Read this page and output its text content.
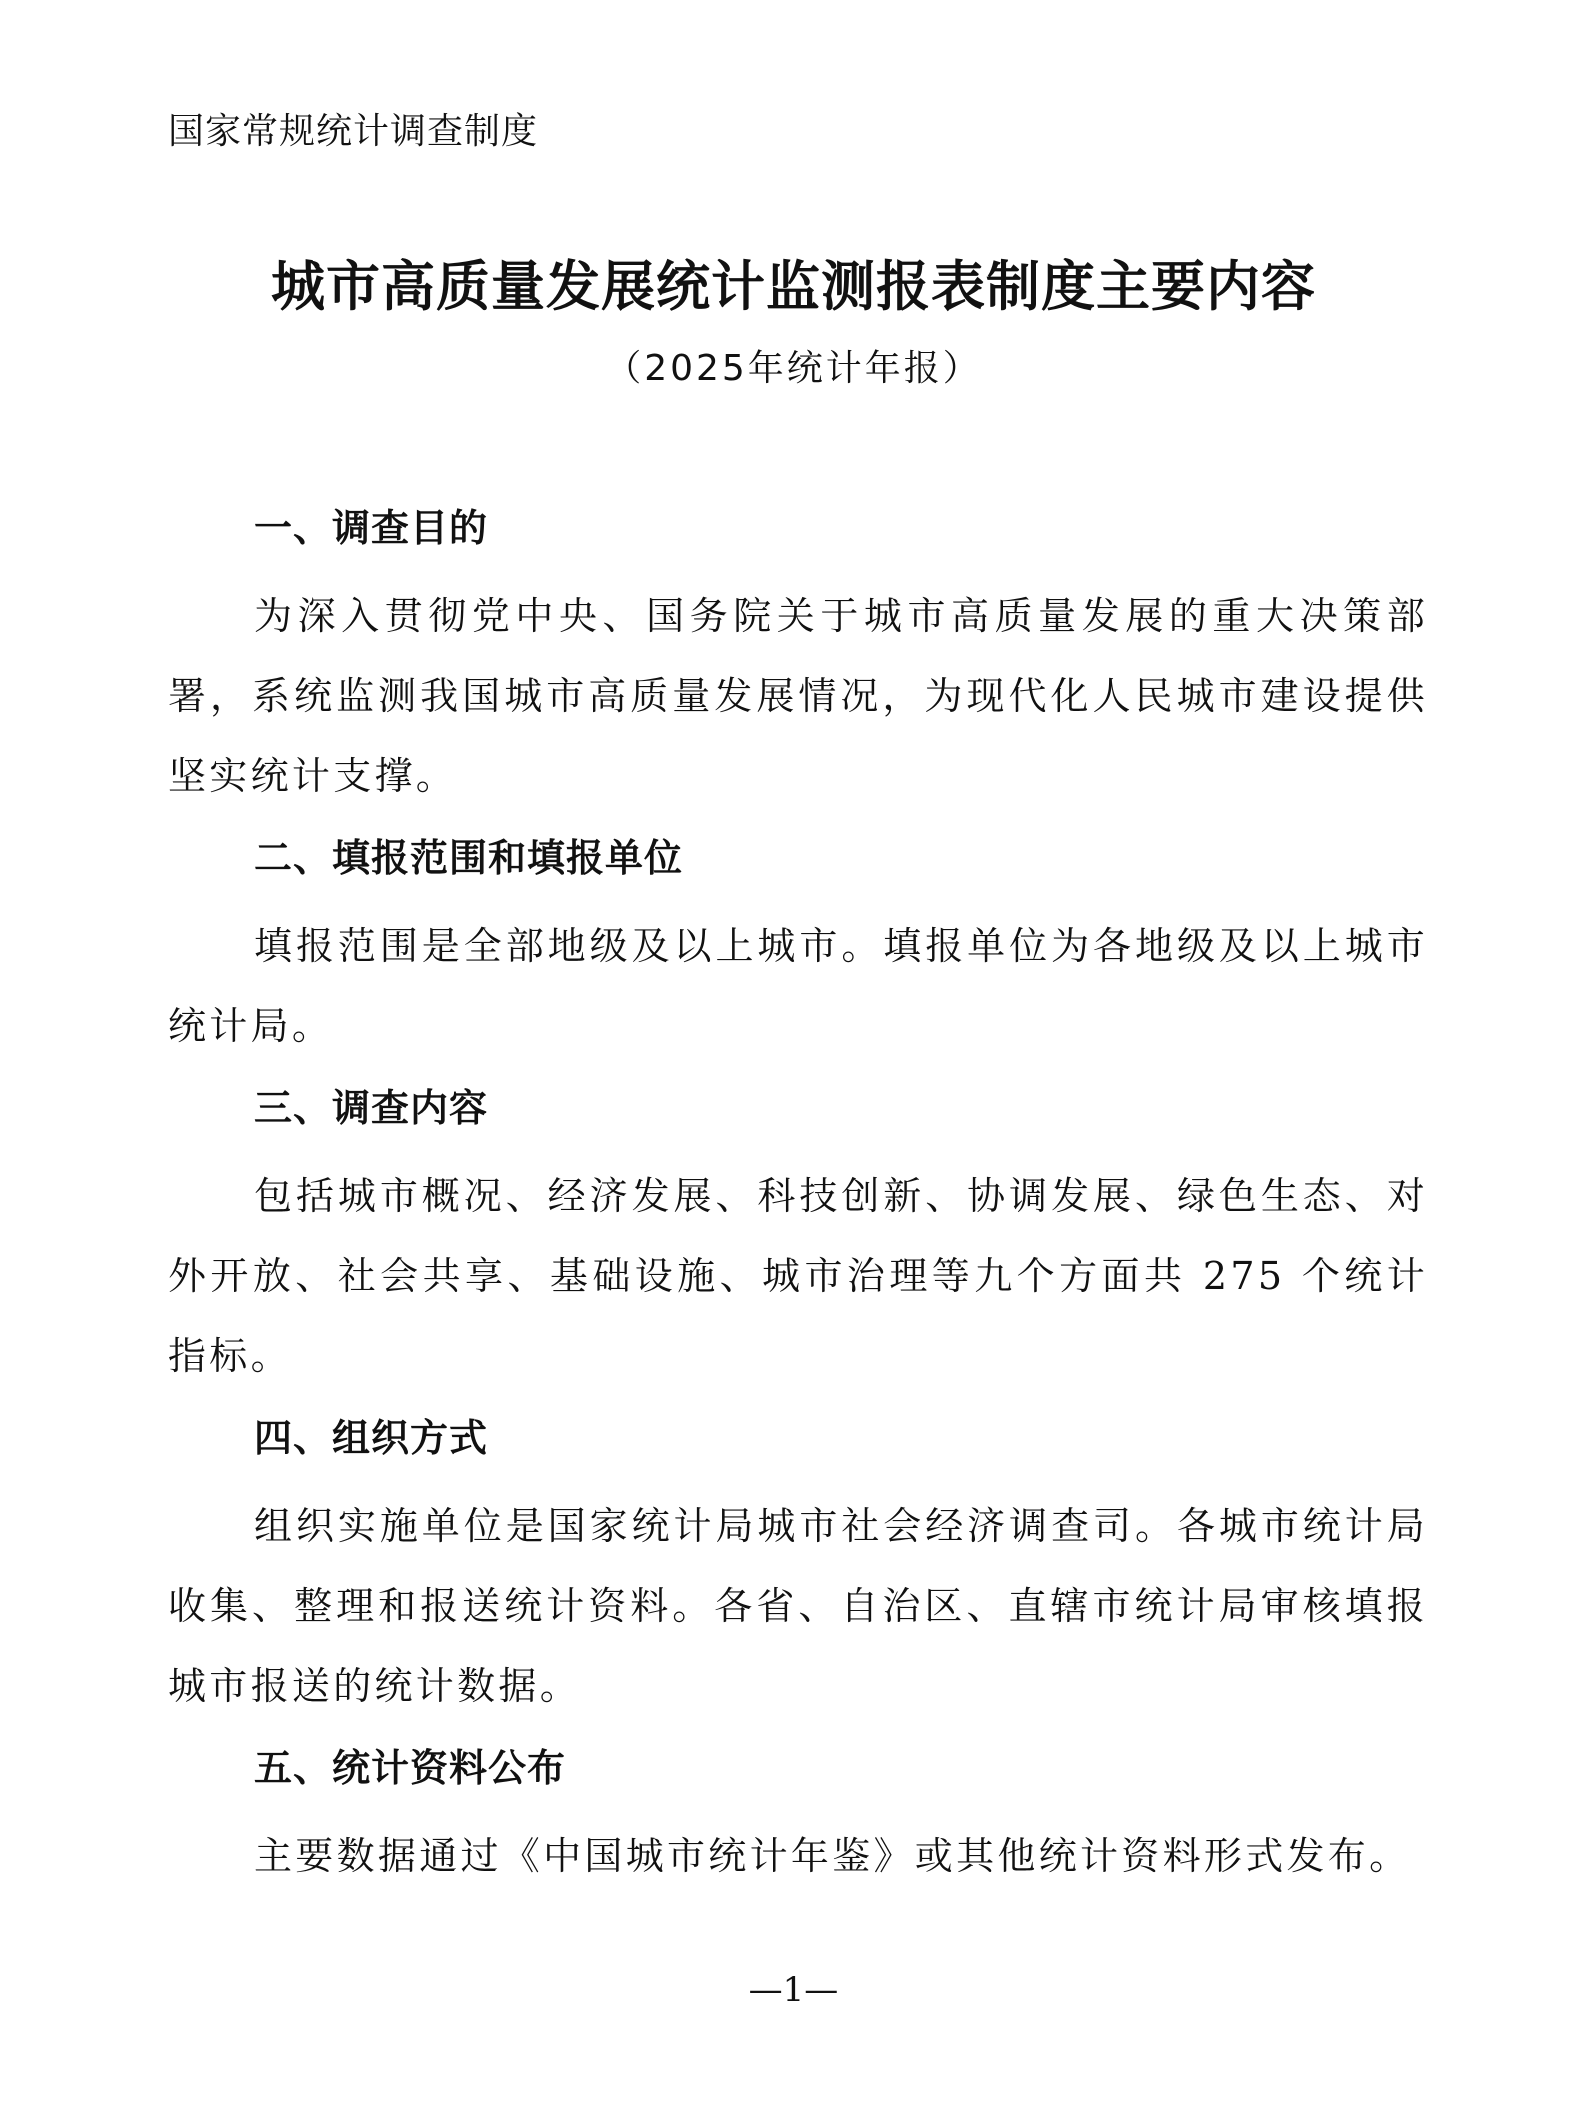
国家常规统计调查制度
城市高质量发展统计监测报表制度主要内容
（2025年统计年报）
一、调查目的

为深入贯彻党中央、国务院关于城市高质量发展的重大决策部署，系统监测我国城市高质量发展情况，为现代化人民城市建设提供坚实统计支撑。

二、填报范围和填报单位

填报范围是全部地级及以上城市。填报单位为各地级及以上城市统计局。

三、调查内容

包括城市概况、经济发展、科技创新、协调发展、绿色生态、对外开放、社会共享、基础设施、城市治理等九个方面共 275 个统计指标。

四、组织方式

组织实施单位是国家统计局城市社会经济调查司。各城市统计局收集、整理和报送统计资料。各省、自治区、直辖市统计局审核填报城市报送的统计数据。

五、统计资料公布

主要数据通过《中国城市统计年鉴》或其他统计资料形式发布。

—1—
